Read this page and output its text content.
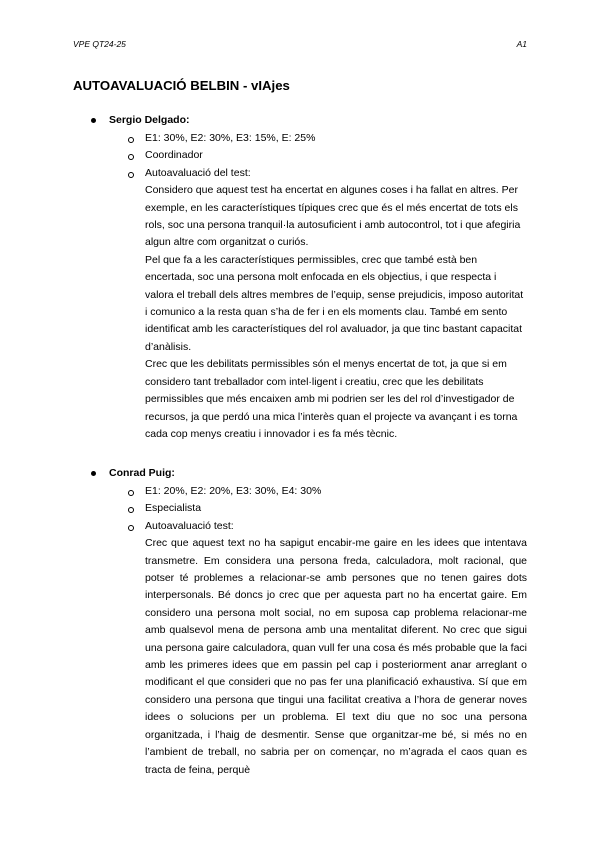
VPE QT24-25	A1
AUTOAVALUACIÓ BELBIN - vIAjes
Sergio Delgado:
E1: 30%, E2: 30%, E3: 15%, E: 25%
Coordinador
Autoavaluació del test:

Considero que aquest test ha encertat en algunes coses i ha fallat en altres. Per exemple, en les característiques típiques crec que és el més encertat de tots els rols, soc una persona tranquil·la autosuficient i amb autocontrol, tot i que afegiria algun altre com organitzat o curiós.

Pel que fa a les característiques permissibles, crec que també està ben encertada, soc una persona molt enfocada en els objectius, i que respecta i valora el treball dels altres membres de l’equip, sense prejudicis, imposo autoritat i comunico a la resta quan s’ha de fer i en els moments clau. També em sento identificat amb les característiques del rol avaluador, ja que tinc bastant capacitat d’anàlisis.

Crec que les debilitats permissibles són el menys encertat de tot, ja que si em considero tant treballador com intel·ligent i creatiu, crec que les debilitats permissibles que més encaixen amb mi podrien ser les del rol d’investigador de recursos, ja que perdó una mica l’interès quan el projecte va avançant i es torna cada cop menys creatiu i innovador i es fa més tècnic.

Conrad Puig:
E1: 20%, E2: 20%, E3: 30%, E4: 30%
Especialista
Autoavaluació test:

Crec que aquest text no ha sapigut encabir-me gaire en les idees que intentava transmetre. Em considera una persona freda, calculadora, molt racional, que potser té problemes a relacionar-se amb persones que no tenen gaires dots interpersonals. Bé doncs jo crec que per aquesta part no ha encertat gaire. Em considero una persona molt social, no em suposa cap problema relacionar-me amb qualsevol mena de persona amb una mentalitat diferent. No crec que sigui una persona gaire calculadora, quan vull fer una cosa és més probable que la faci amb les primeres idees que em passin pel cap i posteriorment anar arreglant o modificant el que consideri que no pas fer una planificació exhaustiva. Sí que em considero una persona que tingui una facilitat creativa a l’hora de generar noves idees o solucions per un problema. El text diu que no soc una persona organitzada, i l’haig de desmentir. Sense que organitzar-me bé, si més no en l’ambient de treball, no sabria per on començar, no m’agrada el caos quan es tracta de feina, perquè
